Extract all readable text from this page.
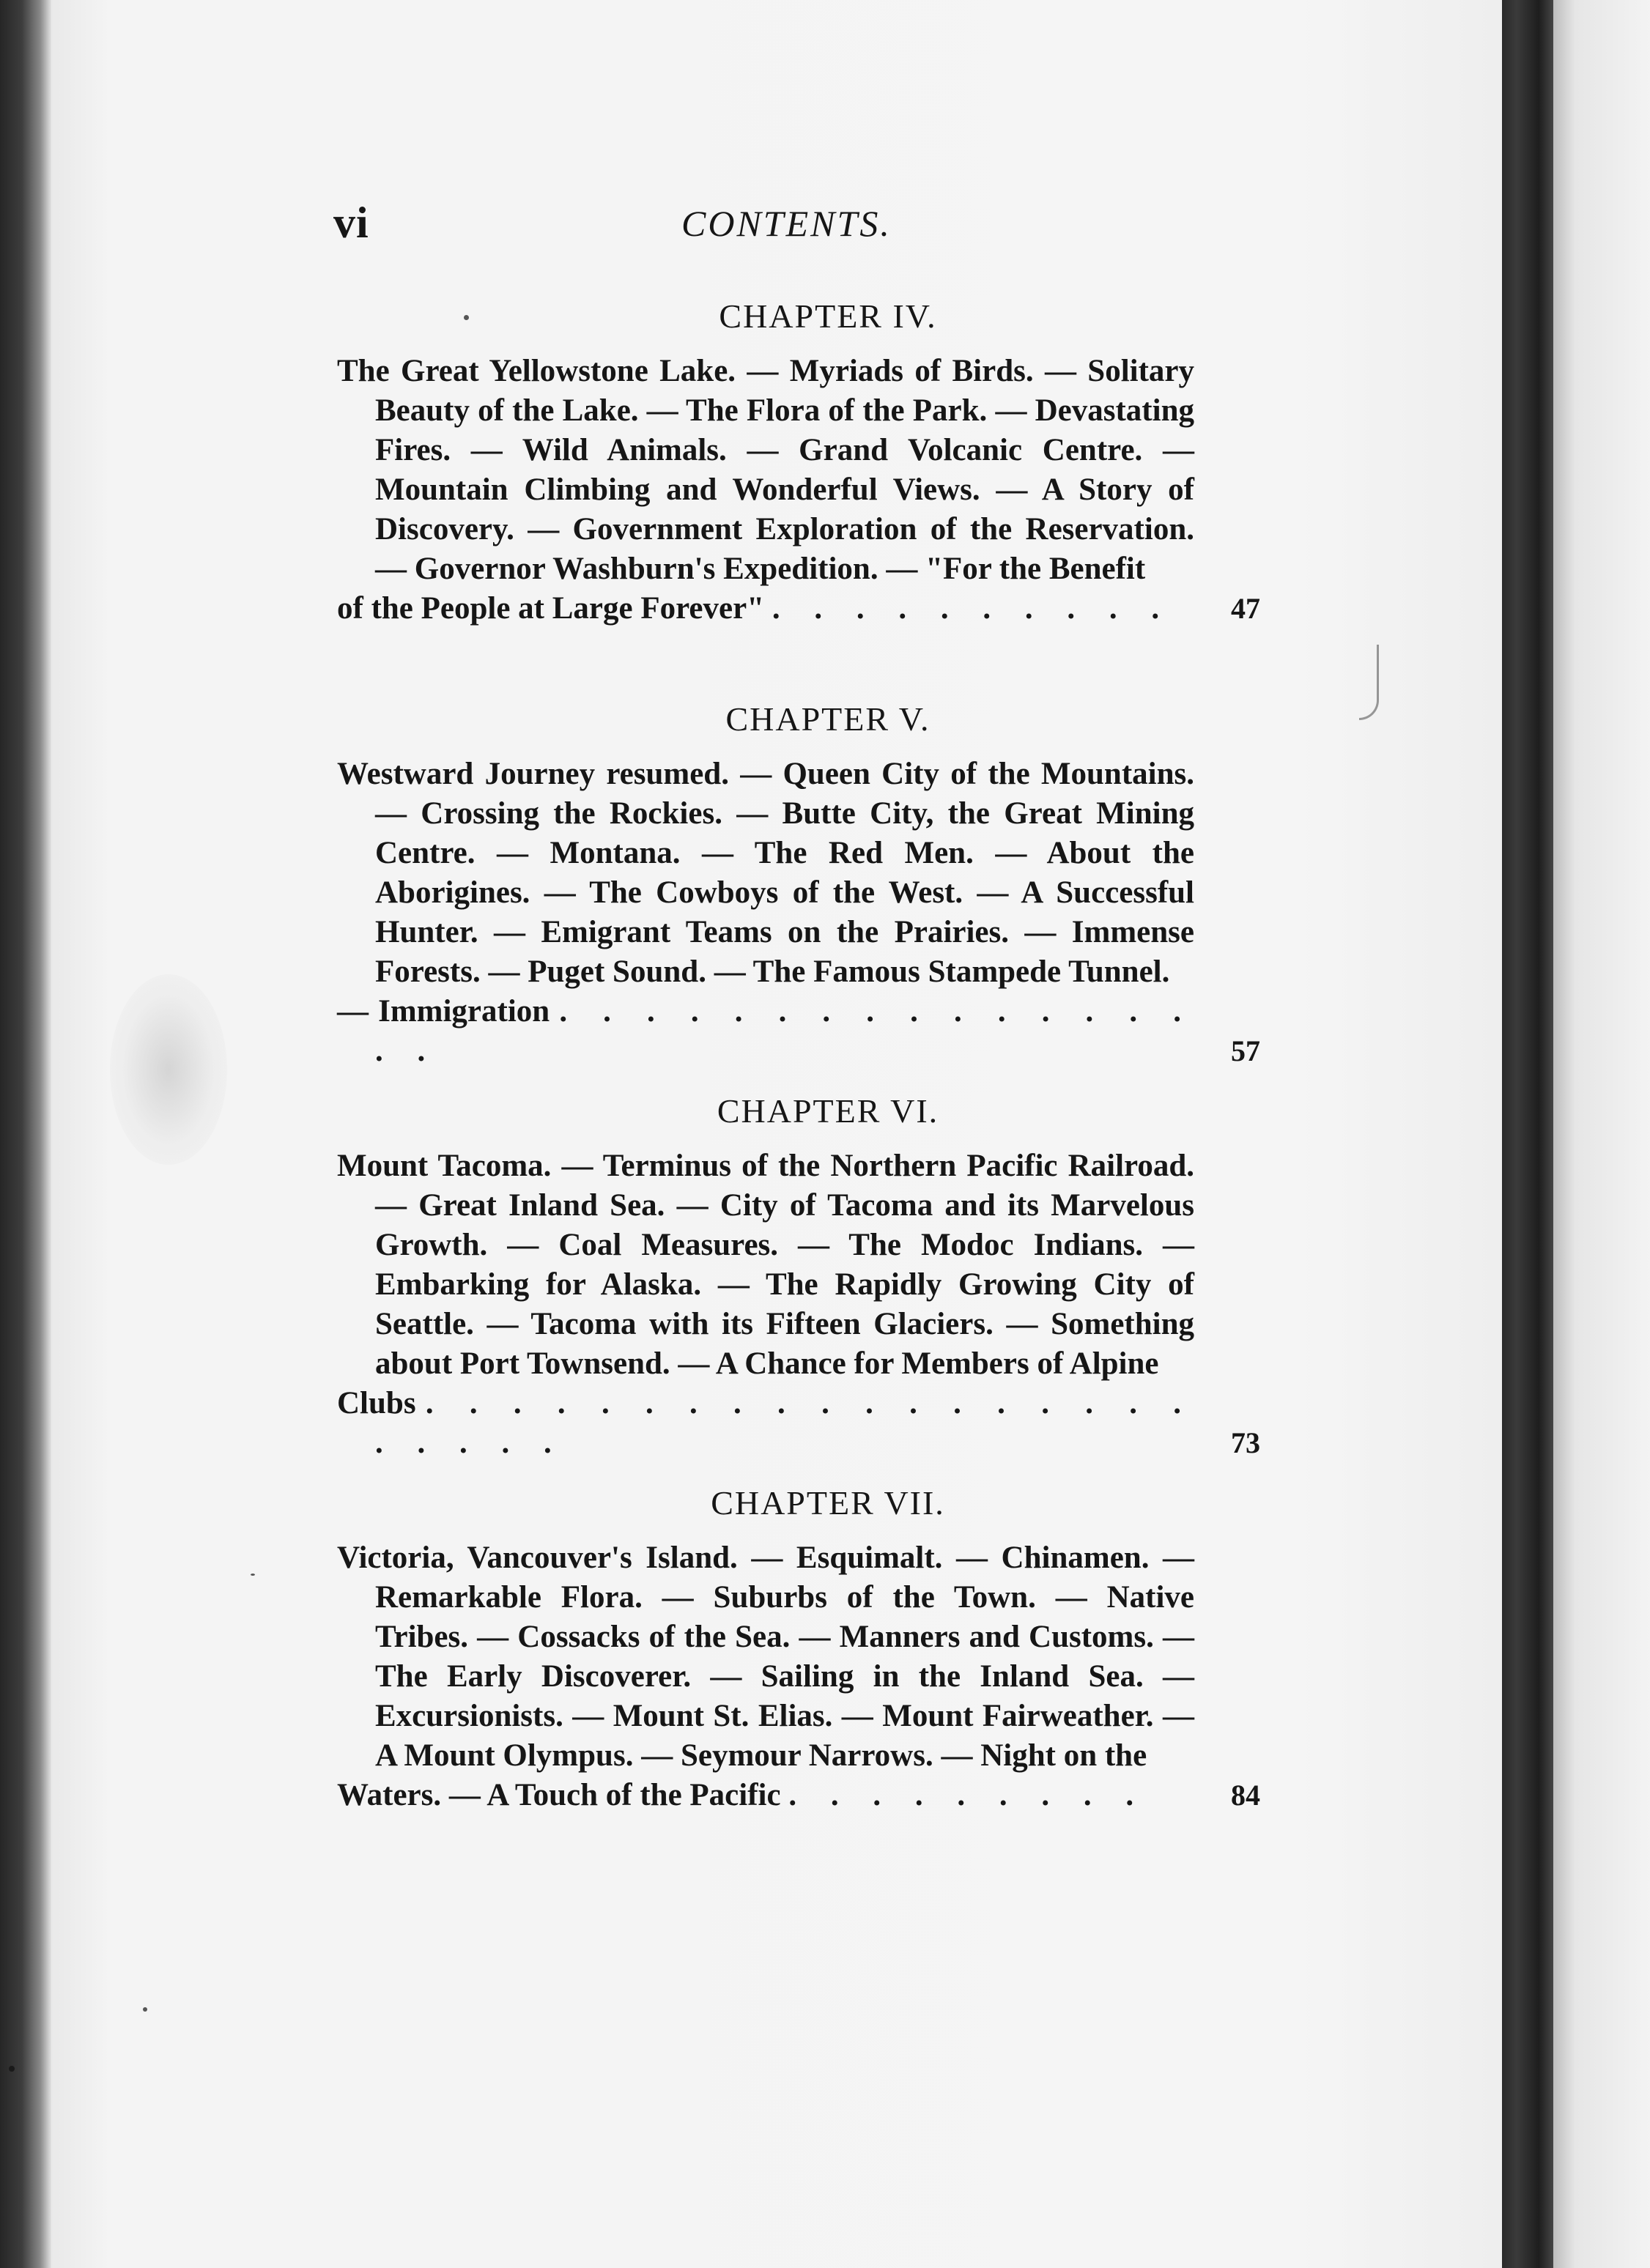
vi	CONTENTS.
CHAPTER IV.
The Great Yellowstone Lake. — Myriads of Birds. — Solitary Beauty of the Lake. — The Flora of the Park. — Devastating Fires. — Wild Animals. — Grand Volcanic Centre. — Mountain Climbing and Wonderful Views. — A Story of Discovery. — Government Exploration of the Reservation. — Governor Washburn's Expedition. — "For the Benefit
of the People at Large Forever" . . . . . . . . . .	47
CHAPTER V.
Westward Journey resumed. — Queen City of the Mountains. — Crossing the Rockies. — Butte City, the Great Mining Centre. — Montana. — The Red Men. — About the Aborigines. — The Cowboys of the West. — A Successful Hunter. — Emigrant Teams on the Prairies. — Immense Forests. — Puget Sound. — The Famous Stampede Tunnel.
— Immigration . . . . . . . . . . . . . . . . .	57
CHAPTER VI.
Mount Tacoma. — Terminus of the Northern Pacific Railroad. — Great Inland Sea. — City of Tacoma and its Marvelous Growth. — Coal Measures. — The Modoc Indians. — Embarking for Alaska. — The Rapidly Growing City of Seattle. — Tacoma with its Fifteen Glaciers. — Something about Port Townsend. — A Chance for Members of Alpine
Clubs . . . . . . . . . . . . . . . . . . . . . . .	73
CHAPTER VII.
Victoria, Vancouver's Island. — Esquimalt. — Chinamen. — Remarkable Flora. — Suburbs of the Town. — Native Tribes. — Cossacks of the Sea. — Manners and Customs. — The Early Discoverer. — Sailing in the Inland Sea. — Excursionists. — Mount St. Elias. — Mount Fairweather. — A Mount Olympus. — Seymour Narrows. — Night on the
Waters. — A Touch of the Pacific . . . . . . . . .	84
